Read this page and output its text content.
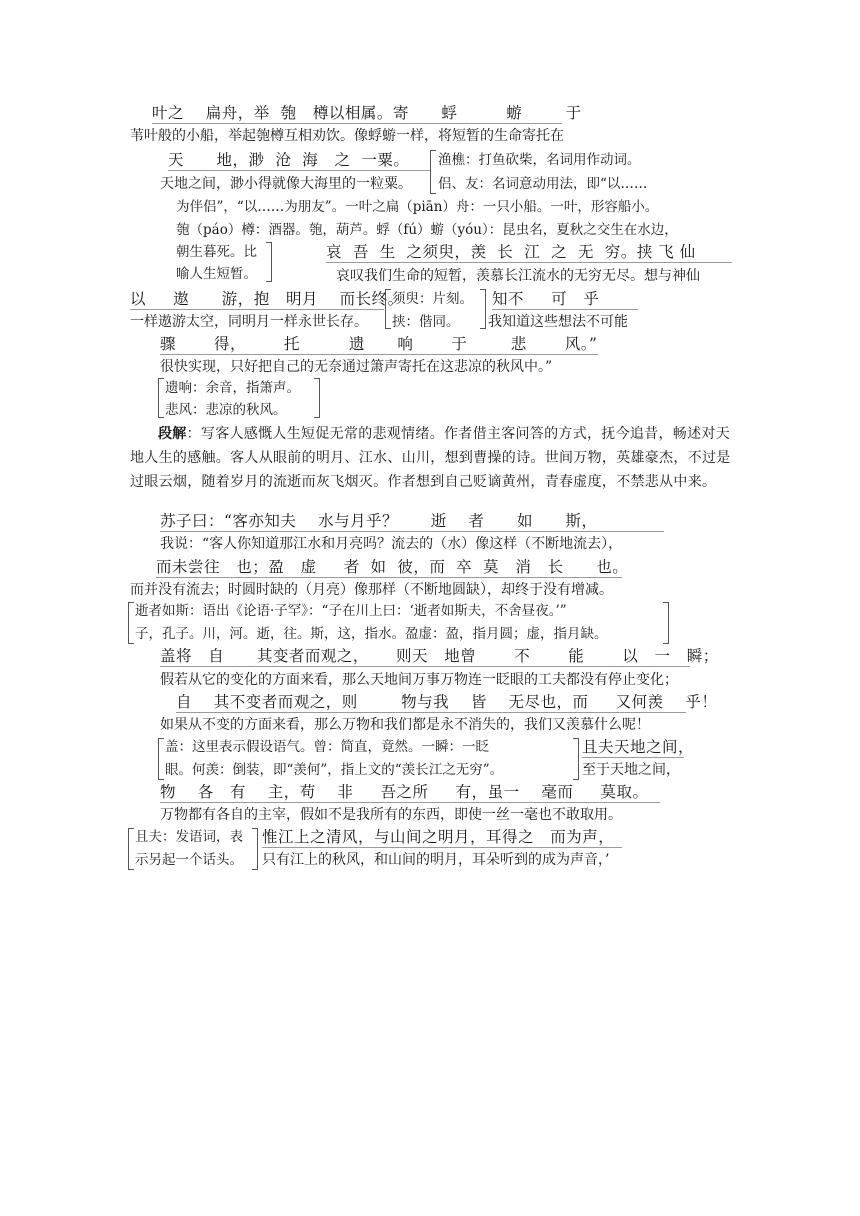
叶之    扁舟，举  匏   樽以相属。寄      蜉         蝣        于
苇叶般的小船，举起匏樽互相劝饮。像蜉蝣一样，将短暂的生命寄托在
天      地，渺  沧  海   之  一粟。	渔樵：打鱼砍柴，名词用作动词。
天地之间，渺小得就像大海里的一粒粟。 侣、友：名词意动用法，即“以……
为伴侣”，“以……为朋友”。一叶之扁（piān）舟：一只小船。一叶，形容船小。
匏（páo）樽：酒器。匏，葫芦。蜉（fú）蝣（yóu）：昆虫名，夏秋之交生在水边，
朝生暮死。比	哀  吾  生  之须臾，羡  长  江  之  无  穷。挟 飞 仙
喻人生短暂。	哀叹我们生命的短暂，羡慕长江流水的无穷无尽。想与神仙
以     遨      游，抱   明月    而长终。
须臾：片刻。 知不     可   乎
一样遨游太空，同明月一样永世长存。 挟：偕同。 我知道这些想法不可能
骤       得，       托         遗      响       于        悲       风。”
很快实现，只好把自己的无奈通过箫声寄托在这悲凉的秋风中。”
遗响：余音，指箫声。
悲风：悲凉的秋风。
段解：写客人感慨人生短促无常的悲观情绪。作者借主客问答的方式，抚今追昔，畅述对天地人生的感触。客人从眼前的明月、江水、山川，想到曹操的诗。世间万物，英雄豪杰，不过是过眼云烟，随着岁月的流逝而灰飞烟灭。作者想到自己贬谪黄州，青春虚度，不禁悲从中来。
苏子曰：“客亦知夫    水与月乎？      逝    者      如      斯，
我说：“客人你知道那江水和月亮吗？流去的（水）像这样（不断地流去），
而未尝往   也；盈   虚     者  如  彼，而  卒  莫   消   长      也。
而并没有流去；时圆时缺的（月亮）像那样（不断地圆缺），却终于没有增减。
逝者如斯：语出《论语·子罕》：“子在川上曰：‘逝者如斯夫，不舍昼夜。’”
子，孔子。川，河。逝，往。斯，这，指水。盈虚：盈，指月圆；虚，指月缺。
盖将   自      其变者而观之，     则天   地曾       不       能       以   一   瞬；
假若从它的变化的方面来看，那么天地间万事万物连一眨眼的工夫都没有停止变化；
自    其不变者而观之，则        物与我    皆    无尽也，而     又何羡    乎！
如果从不变的方面来看，那么万物和我们都是永不消失的，我们又羡慕什么呢！
盖：这里表示假设语气。曾：简直，竟然。一瞬：一眨	且夫天地之间，
眼。何羡：倒装，即“羡何”，指上文的“羡长江之无穷”。	至于天地之间，
物    各   有    主，苟    非     吾之所     有，虽一    毫而     莫取。
万物都有各自的主宰，假如不是我所有的东西，即使一丝一毫也不敢取用。
且夫：发语词，表 惟江上之清风，与山间之明月，耳得之   而为声，
示另起一个话头。 只有江上的秋风，和山间的明月，耳朵听到的成为声音，’
